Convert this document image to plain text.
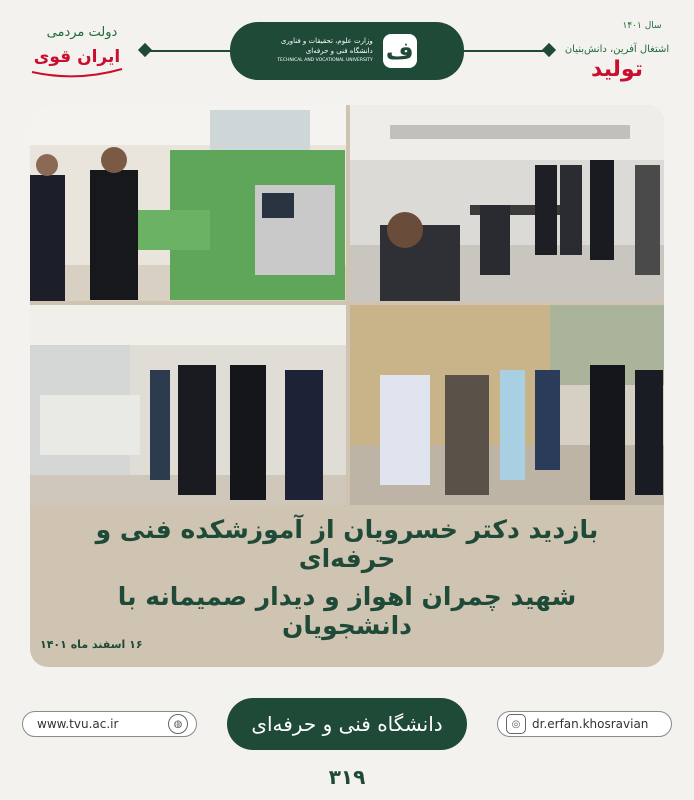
دولت مردمی
ایران قوی
وزارت علوم، تحقیقات و فناوری
دانشگاه فنی و حرفه‌ای
TECHNICAL AND VOCATIONAL UNIVERSITY ف
سال ۱۴۰۱
اشتغال آفرین، دانش‌بنیان
تولید
بازدید دکتر خسرویان از آموزشکده فنی و حرفه‌ای
شهید چمران اهواز و دیدار صمیمانه با دانشجویان
۱۶ اسفند ماه ۱۴۰۱
www.tvu.ac.ir	◍	دانشگاه فنی و حرفه‌ای	◎ dr.erfan.khosravian
۳۱۹
